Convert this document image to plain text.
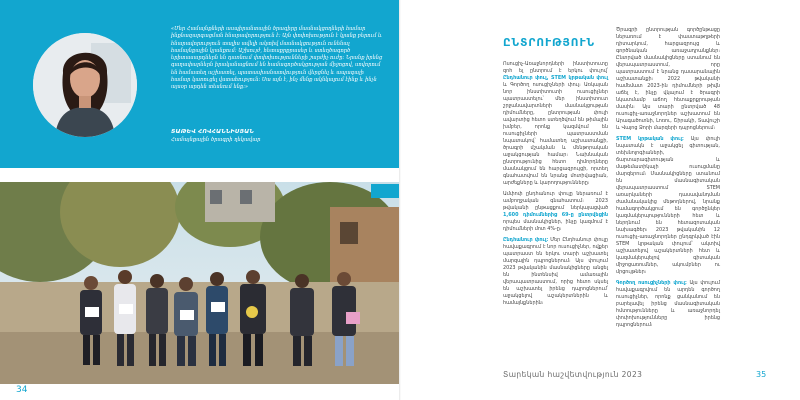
«Մեր Համայնքների ասպիրանտային ծրագիրը մասնակցողների համար ինքնազարգացման հնարավորություն է։ Այն փոփոխություն է կյանք բերում և հնարավորություն տալիս ավելի ակտիվ մասնակցություն ունենալ համայնքային կյանքում։ Աշխույժ, հետաքրքրասեր և ստեղծագործ երիտասարդներն են դառնում փոփոխությունների շարժիչ ուժը։ Նրանք իրենց գաղափարներն իրականացնում են համագործակցության միջոցով, սովորում են համատեղ աշխատել, պատասխանատվություն վերցնել և ապագայի համար կառուցել վստահություն։ Սա այն է, ինչ մենք ակնկալում էինք և ինչն այսօր արդեն տեսնում ենք։»
ՏԱԹԵՎ ՀՈՎՀԱՆՆԻՍՅԱՆ
Համայնքային ծրագրի ղեկավար
34
ԸՆՏՐՈՒԹՅՈՒՆ

Ոսուցիչ-Առաջնորդների ինստիտուտը զոհ ել ընտրում է երկու փուլով՝ Ընդհանուր փուլ, STEM կրթական փուլ և Գործող ոսուցիչների փուլ։ Առկայան նոր ինստիտուտի ուսուցիչներ պատրաստելու՝ մեր ինստիտուտ շրջանավարտների մասնակցության դիմումները, ընտրության փուլի ավարտից հետո ստեղծվում են թիմային խմբեր, որոնք կազմվում են ուսուցիչների պատրաստման նպատակով՝ համատեղ աշխատանքի, ծրագրի մշակման և մենթորական աջակցության համար։ Նախնական ընտրությունից հետո դիմորդները մասնակցում են հարցազրույցի, որտեղ գնահատվում են նրանց մոտիվացիան, արժեքները և կարողությունները։

Ամփոփ ընդհանուր փուլը ներառում է ամբողջական գնահատում։ 2023 թվականի ընթացքում ներկայացված 1,600 դիմումներից 69-ը ընտրվեցին որպես մասնակիցներ, ինչը կազմում է դիմումների մոտ 4%-ը։

Ընդհանուր փուլ։ Մեր Ընդհանուր փուլը հավաքագրում է նոր ուսուցիչներ, ովքեր պատրաստ են երկու տարի աշխատել մարզային դպրոցներում։ Այս փուլում 2023 թվականին մասնակիցները անցել են ինտենսիվ ամառային վերապատրաստում, որից հետո սկսել են աշխատել իրենց դպրոցներում՝ աջակցելով աշակերտներին և համայնքներին։

Ծրագրի ընտրության գործընթացը ներառում է փաստաթղթերի դիտարկում, հարցազրույց և գործնական առաջադրանքներ։ Ընտրված մասնակիցները ստանում են վերապատրաստում, որը պատրաստում է նրանց դասարանային աշխատանքի։ 2022 թվականի համեմատ 2023-ին դիմումների թիվն աճել է, ինչը վկայում է ծրագրի նկատմամբ աճող հետաքրքրության մասին։ Այս տարի ընտրված 48 ուսուցիչ-առաջնորդներ աշխատում են Արագածոտնի, Լոռու, Շիրակի, Տավուշի և Վայոց Ձորի մարզերի դպրոցներում։

STEM կրթական փուլ։ Այս փուլի նպատակն է աջակցել գիտության, տեխնոլոգիաների, ճարտարագիտության և մաթեմատիկայի ուսուցմանը մարզերում։ Մասնակիցները ստանում են մասնագիտական վերապատրաստում STEM առարկաների դասավանդման ժամանակակից մեթոդներով, նրանք համագործակցում են գործընկեր կազմակերպությունների հետ և ներդնում են հետազոտական նախագծեր։ 2023 թվականին 12 ուսուցիչ-առաջնորդներ ընդգրկված էին STEM կրթական փուլում՝ ակտիվ աշխատելով աշակերտների հետ և կազմակերպելով գիտական միջոցառումներ, ակումբներ ու մրցույթներ։

Գործող ոսուցիչների փուլ։ Այս փուլում հավաքագրվում են արդեն գործող ուսուցիչներ, որոնք ցանկանում են բարելավել իրենց մասնագիտական հմտությունները և առաջնորդել փոփոխությունները իրենց դպրոցներում։

Տարեկան հաշվետվություն 2023	35
